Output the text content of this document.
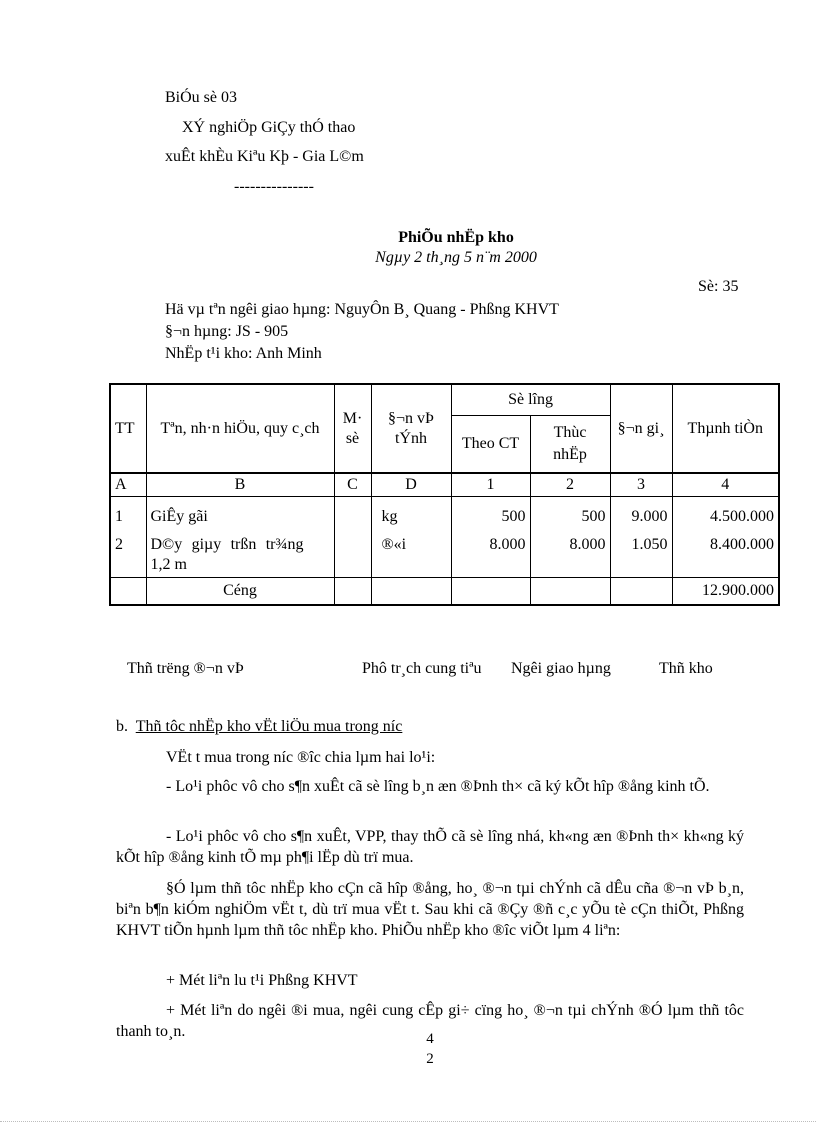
BiÓu sè 03
XÝ nghiÖp GiÇy thÓ thao
xuÊt khÈu Kiªu Kþ - Gia L©m
---------------
PhiÕu nhËp kho
Ngµy 2 th¸ng 5 n¨m 2000
Sè: 35
Hä vµ tªn ngêi giao hµng: NguyÔn B¸ Quang - Phßng KHVT
§¬n hµng: JS - 905
NhËp t¹i kho: Anh Minh
TT	Tªn, nh·n hiÖu, quy c¸ch	M· sè	§¬n vÞ tÝnh	Sè lîng		§¬n gi¸	Thµnh tiÒn
				Theo CT	Thùc nhËp		
A	B	C	D	1	2	3	4
1	GiÊy gãi		kg	500	500	9.000	4.500.000
2	D©y giµy trßn tr¾ng 1,2 m		®«i	8.000	8.000	1.050	8.400.000
	Céng						12.900.000
Thñ trëng ®¬n vÞ	Phô tr¸ch cung tiªu Ngêi giao hµng	Thñ kho
b. Thñ tôc nhËp kho vËt liÖu mua trong níc
VËt t mua trong níc ®îc chia lµm hai lo¹i:
- Lo¹i phôc vô cho s¶n xuÊt cã sè lîng b¸n æn ®Þnh th× cã ký kÕt hîp ®ång kinh tÕ.
- Lo¹i phôc vô cho s¶n xuÊt, VPP, thay thÕ cã sè lîng nhá, kh«ng æn ®Þnh th× kh«ng ký kÕt hîp ®ång kinh tÕ mµ ph¶i lËp dù trï mua.
§Ó lµm thñ tôc nhËp kho cÇn cã hîp ®ång, ho¸ ®¬n tµi chÝnh cã dÊu cña ®¬n vÞ b¸n, biªn b¶n kiÓm nghiÖm vËt t, dù trï mua vËt t. Sau khi cã ®Çy ®ñ c¸c yÕu tè cÇn thiÕt, Phßng KHVT tiÕn hµnh lµm thñ tôc nhËp kho. PhiÕu nhËp kho ®îc viÕt lµm 4 liªn:
+ Mét liªn lu t¹i Phßng KHVT
+ Mét liªn do ngêi ®i mua, ngêi cung cÊp gi÷ cïng ho¸ ®¬n tµi chÝnh ®Ó lµm thñ tôc thanh to¸n.	4
2
